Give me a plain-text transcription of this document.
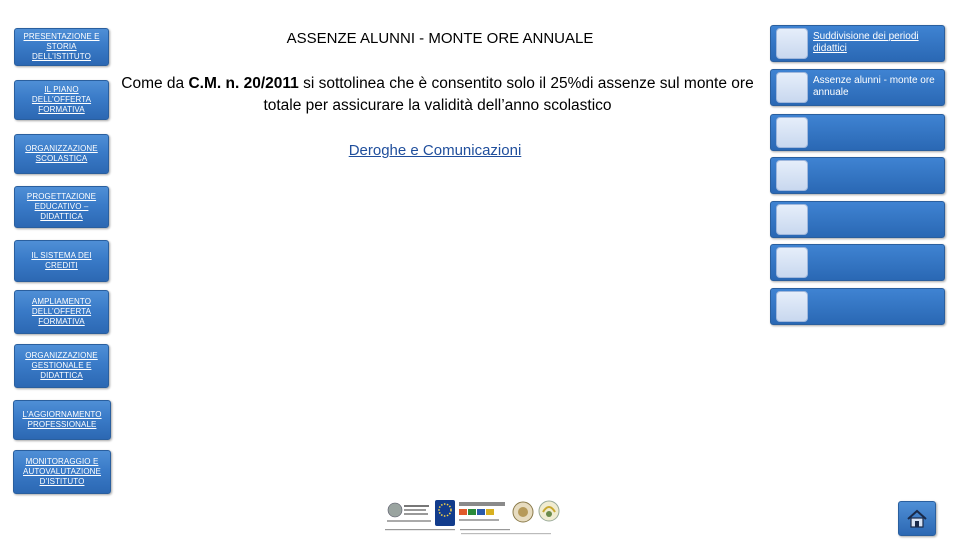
PRESENTAZIONE E STORIA DELL’ISTITUTO
IL PIANO DELL’OFFERTA FORMATIVA
ORGANIZZAZIONE SCOLASTICA
PROGETTAZIONE EDUCATIVO – DIDATTICA
IL SISTEMA DEI CREDITI
AMPLIAMENTO DELL’OFFERTA FORMATIVA
ORGANIZZAZIONE GESTIONALE E DIDATTICA
L’AGGIORNAMENTO PROFESSIONALE
MONITORAGGIO E AUTOVALUTAZIONE D’ISTITUTO
ASSENZE ALUNNI - MONTE ORE ANNUALE
Come da C.M. n. 20/2011 si sottolinea che è consentito solo il 25%di assenze sul monte ore totale per assicurare la validità dell’anno scolastico
Deroghe e Comunicazioni
Suddivisione dei periodi didattici
Assenze alunni - monte ore annuale
